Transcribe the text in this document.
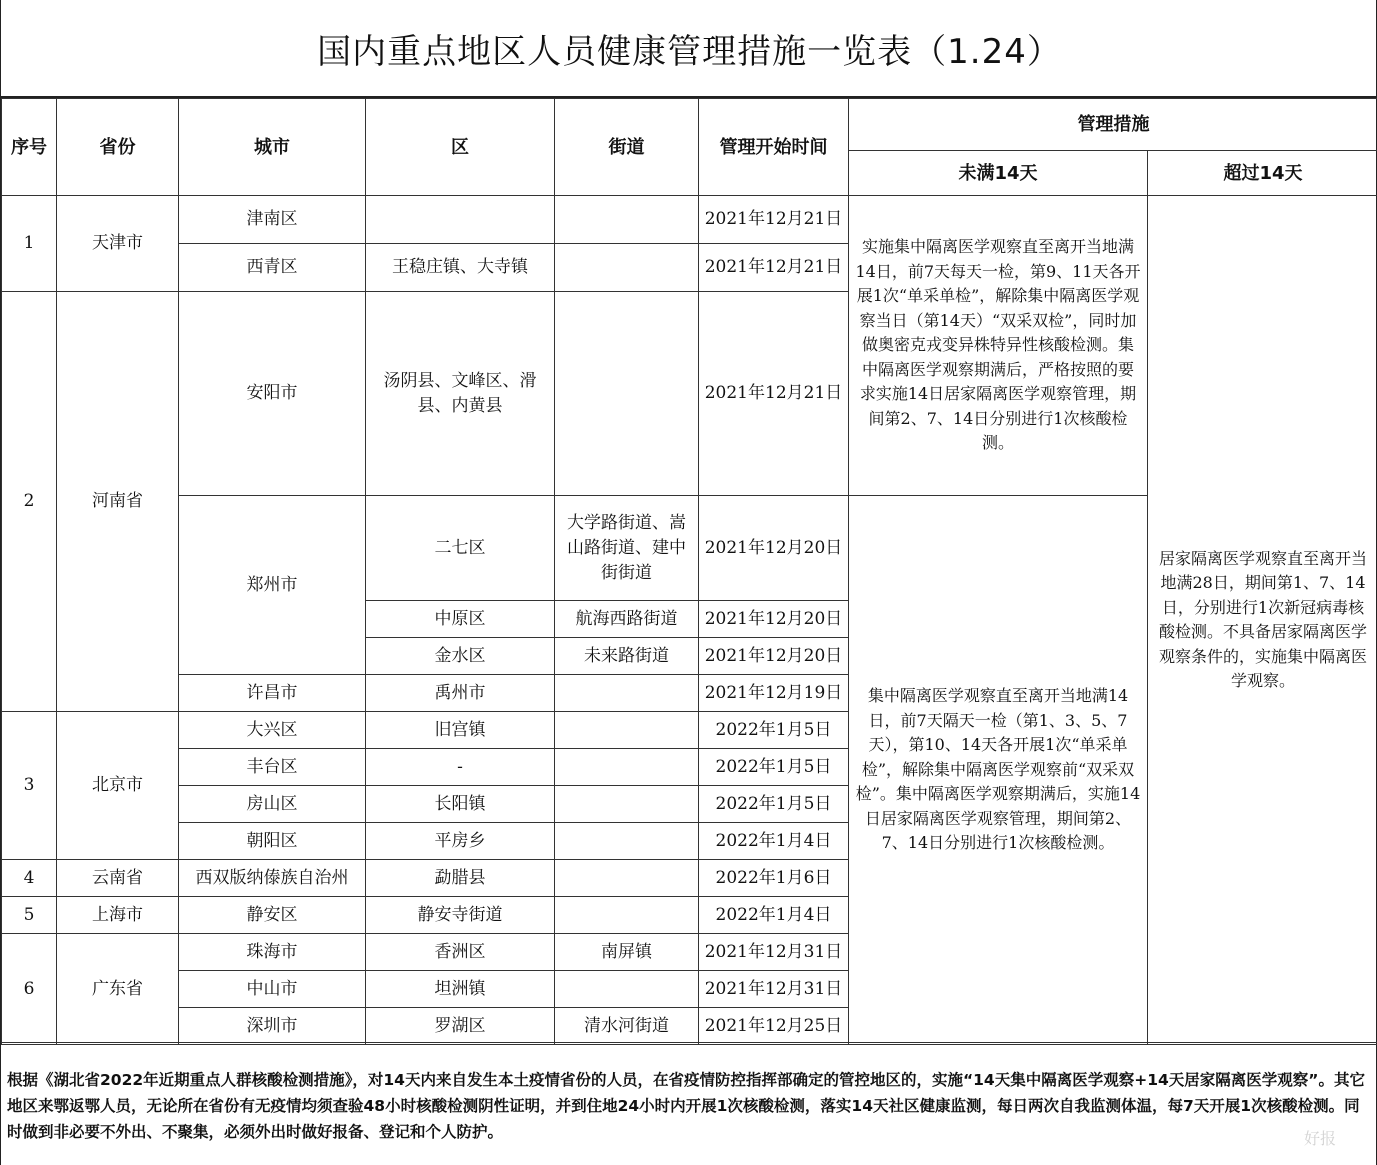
国内重点地区人员健康管理措施一览表（1.24）
序号	省份	城市	区	街道	管理开始时间	管理措施	
						未满14天	超过14天
1	天津市	津南区			2021年12月21日	实施集中隔离医学观察直至离开当地满14日，前7天每天一检，第9、11天各开展1次“单采单检”，解除集中隔离医学观察当日（第14天）“双采双检”，同时加做奥密克戎变异株特异性核酸检测。集中隔离医学观察期满后，严格按照的要求实施14日居家隔离医学观察管理，期间第2、7、14日分别进行1次核酸检测。	居家隔离医学观察直至离开当地满28日，期间第1、7、14日，分别进行1次新冠病毒核酸检测。不具备居家隔离医学观察条件的，实施集中隔离医学观察。
		西青区	王稳庄镇、大寺镇		2021年12月21日		
2	河南省	安阳市	汤阴县、文峰区、滑县、内黄县		2021年12月21日		
		郑州市	二七区	大学路街道、嵩山路街道、建中街街道	2021年12月20日	集中隔离医学观察直至离开当地满14日，前7天隔天一检（第1、3、5、7天），第10、14天各开展1次“单采单检”，解除集中隔离医学观察前“双采双检”。集中隔离医学观察期满后，实施14日居家隔离医学观察管理，期间第2、7、14日分别进行1次核酸检测。	
			中原区	航海西路街道	2021年12月20日		
			金水区	未来路街道	2021年12月20日		
		许昌市	禹州市		2021年12月19日		
3	北京市	大兴区	旧宫镇		2022年1月5日		
		丰台区	-		2022年1月5日		
		房山区	长阳镇		2022年1月5日		
		朝阳区	平房乡		2022年1月4日		
4	云南省	西双版纳傣族自治州	勐腊县		2022年1月6日		
5	上海市	静安区	静安寺街道		2022年1月4日		
6	广东省	珠海市	香洲区	南屏镇	2021年12月31日		
		中山市	坦洲镇		2021年12月31日		
		深圳市	罗湖区	清水河街道	2021年12月25日		
根据《湖北省2022年近期重点人群核酸检测措施》，对14天内来自发生本土疫情省份的人员，在省疫情防控指挥部确定的管控地区的，实施“14天集中隔离医学观察+14天居家隔离医学观察”。其它地区来鄂返鄂人员，无论所在省份有无疫情均须查验48小时核酸检测阴性证明，并到住地24小时内开展1次核酸检测，落实14天社区健康监测，每日两次自我监测体温，每7天开展1次核酸检测。同时做到非必要不外出、不聚集，必须外出时做好报备、登记和个人防护。	好报
